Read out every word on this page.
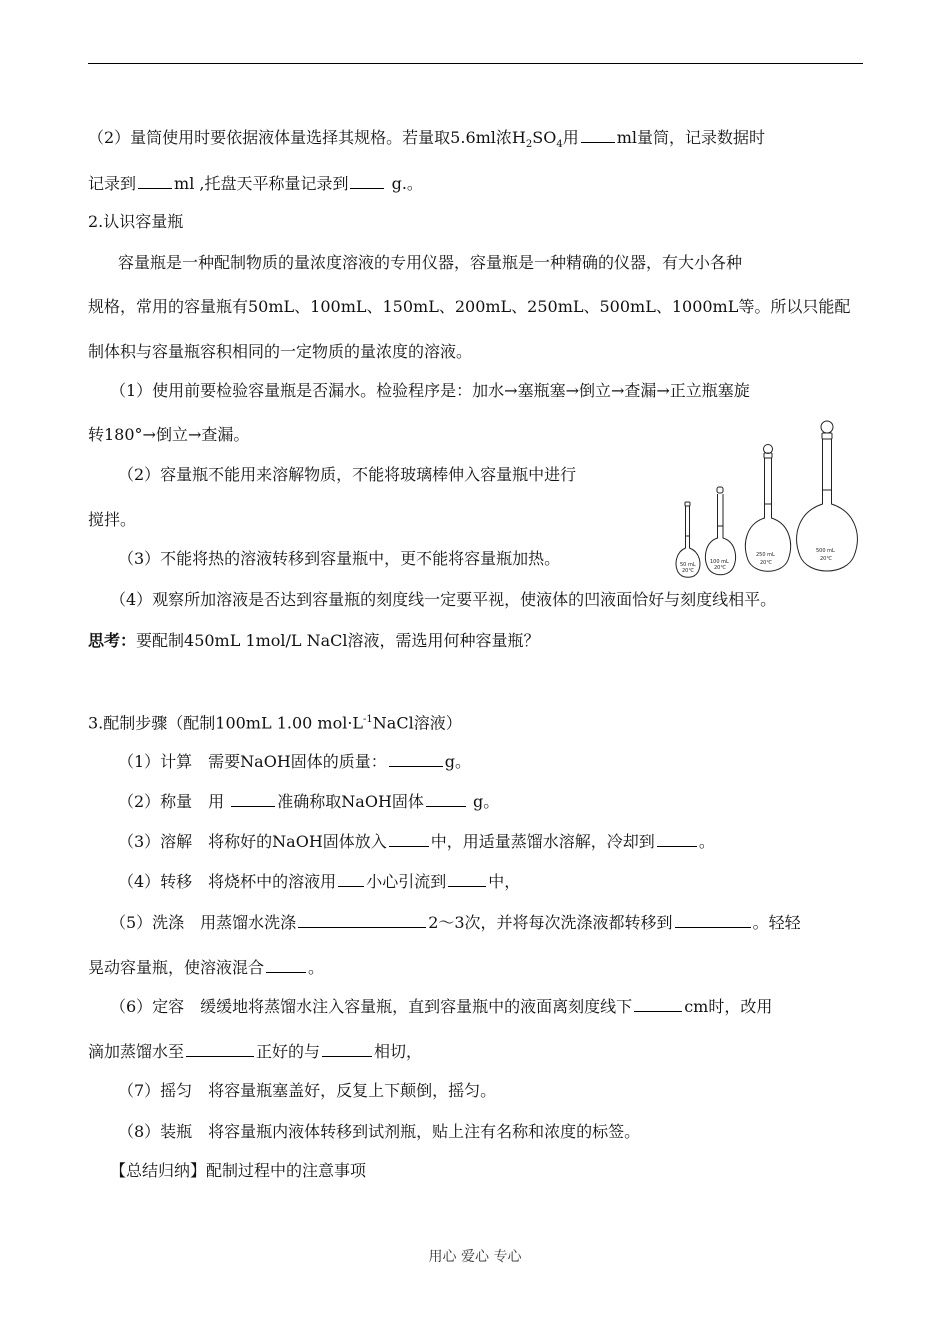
（2）量筒使用时要依据液体量选择其规格。若量取5.6ml浓$H_2SO_4$用 ml量筒，记录数据时
记录到 ml ,托盘天平称量记录到 g.。
2.认识容量瓶
容量瓶是一种配制物质的量浓度溶液的专用仪器，容量瓶是一种精确的仪器，有大小各种
规格，常用的容量瓶有50mL、100mL、150mL、200mL、250mL、500mL、1000mL等。所以只能配
制体积与容量瓶容积相同的一定物质的量浓度的溶液。
（1）使用前要检验容量瓶是否漏水。检验程序是：加水→塞瓶塞→倒立→查漏→正立瓶塞旋
转180°→倒立→查漏。
（2）容量瓶不能用来溶解物质，不能将玻璃棒伸入容量瓶中进行
搅拌。
（3）不能将热的溶液转移到容量瓶中，更不能将容量瓶加热。
（4）观察所加溶液是否达到容量瓶的刻度线一定要平视，使液体的凹液面恰好与刻度线相平。
思考：要配制450mL 1mol/L NaCl溶液，需选用何种容量瓶？
3.配制步骤（配制100mL 1.00 $mol\cdot L^{-1}NaCl$溶液）
（1）计算　需要NaOH固体的质量：	g。
（2）称量　用	准确称取NaOH固体	g。
（3）溶解　将称好的NaOH固体放入	中，用适量蒸馏水溶解，冷却到	。
（4）转移　将烧杯中的溶液用 小心引流到	中，
（5）洗涤　用蒸馏水洗涤	2～3次，并将每次洗涤液都转移到	。轻轻
晃动容量瓶，使溶液混合	。
（6）定容　缓缓地将蒸馏水注入容量瓶，直到容量瓶中的液面离刻度线下	cm时，改用
滴加蒸馏水至	正好的与	相切，
（7）摇匀　将容量瓶塞盖好，反复上下颠倒，摇匀。
（8）装瓶　将容量瓶内液体转移到试剂瓶，贴上注有名称和浓度的标签。
【总结归纳】配制过程中的注意事项
用心 爱心 专心
50 mL
20℃
100 mL
20℃
250 mL
20℃
500 mL
20℃
